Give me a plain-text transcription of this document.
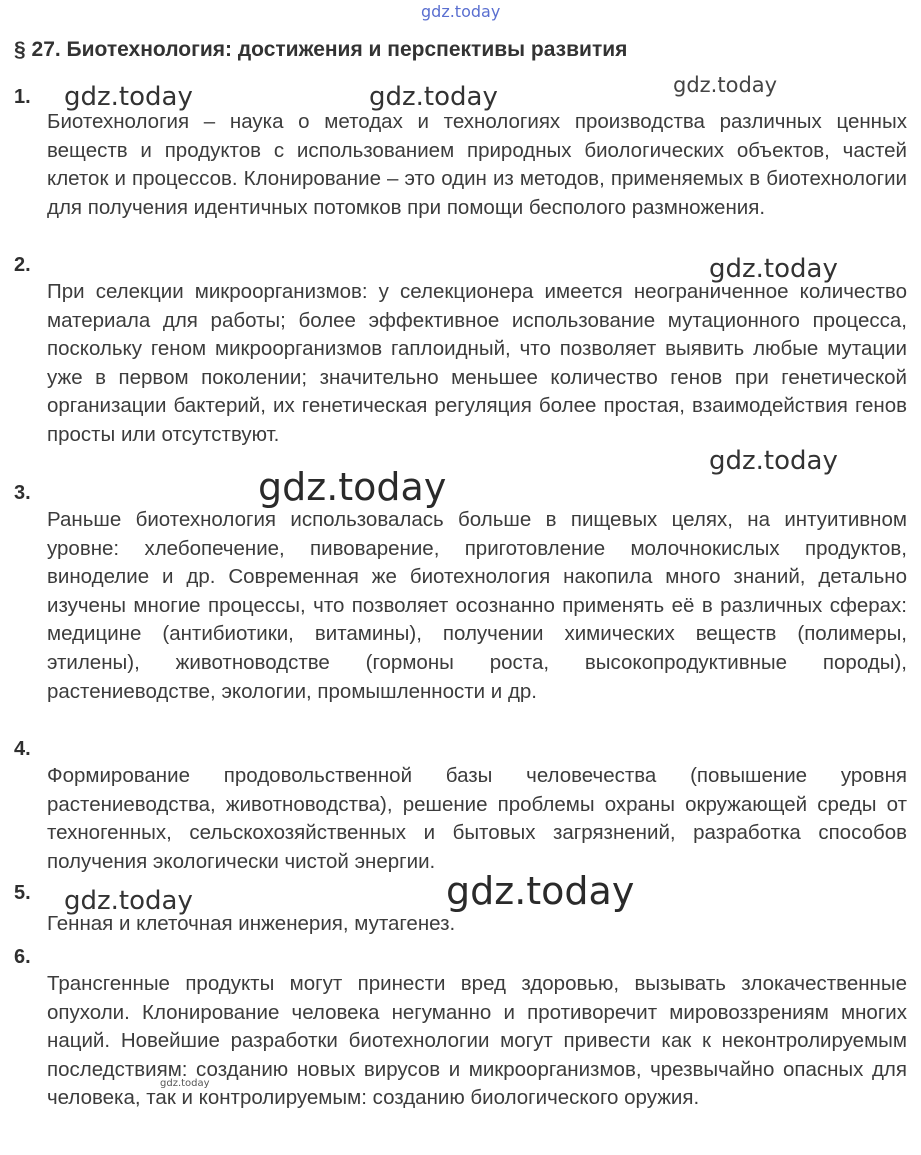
gdz.today
gdz.today	gdz.today	gdz.today
gdz.today
gdz.today
gdz.today
gdz.today	gdz.today
gdz.today
§ 27. Биотехнология: достижения и перспективы развития
1.
Биотехнология – наука о методах и технологиях производства различных ценных веществ и продуктов с использованием природных биологических объектов, частей клеток и процессов. Клонирование – это один из методов, применяемых в биотехнологии для получения идентичных потомков при помощи бесполого размножения.
2.
При селекции микроорганизмов: у селекционера имеется неограниченное количество материала для работы; более эффективное использование мутационного процесса, поскольку геном микроорганизмов гаплоидный, что позволяет выявить любые мутации уже в первом поколении; значительно меньшее количество генов при генетической организации бактерий, их генетическая регуляция более простая, взаимодействия генов просты или отсутствуют.
3.
Раньше биотехнология использовалась больше в пищевых целях, на интуитивном уровне: хлебопечение, пивоварение, приготовление молочнокислых продуктов, виноделие и др. Современная же биотехнология накопила много знаний, детально изучены многие процессы, что позволяет осознанно применять её в различных сферах: медицине (антибиотики, витамины), получении химических веществ (полимеры, этилены), животноводстве (гормоны роста, высокопродуктивные породы), растениеводстве, экологии, промышленности и др.
4.
Формирование продовольственной базы человечества (повышение уровня растениеводства, животноводства), решение проблемы охраны окружающей среды от техногенных, сельскохозяйственных и бытовых загрязнений, разработка способов получения экологически чистой энергии.
5.
Генная и клеточная инженерия, мутагенез.
6.
Трансгенные продукты могут принести вред здоровью, вызывать злокачественные опухоли. Клонирование человека негуманно и противоречит мировоззрениям многих наций. Новейшие разработки биотехнологии могут привести как к неконтролируемым последствиям: созданию новых вирусов и микроорганизмов, чрезвычайно опасных для человека, так и контролируемым: созданию биологического оружия.
